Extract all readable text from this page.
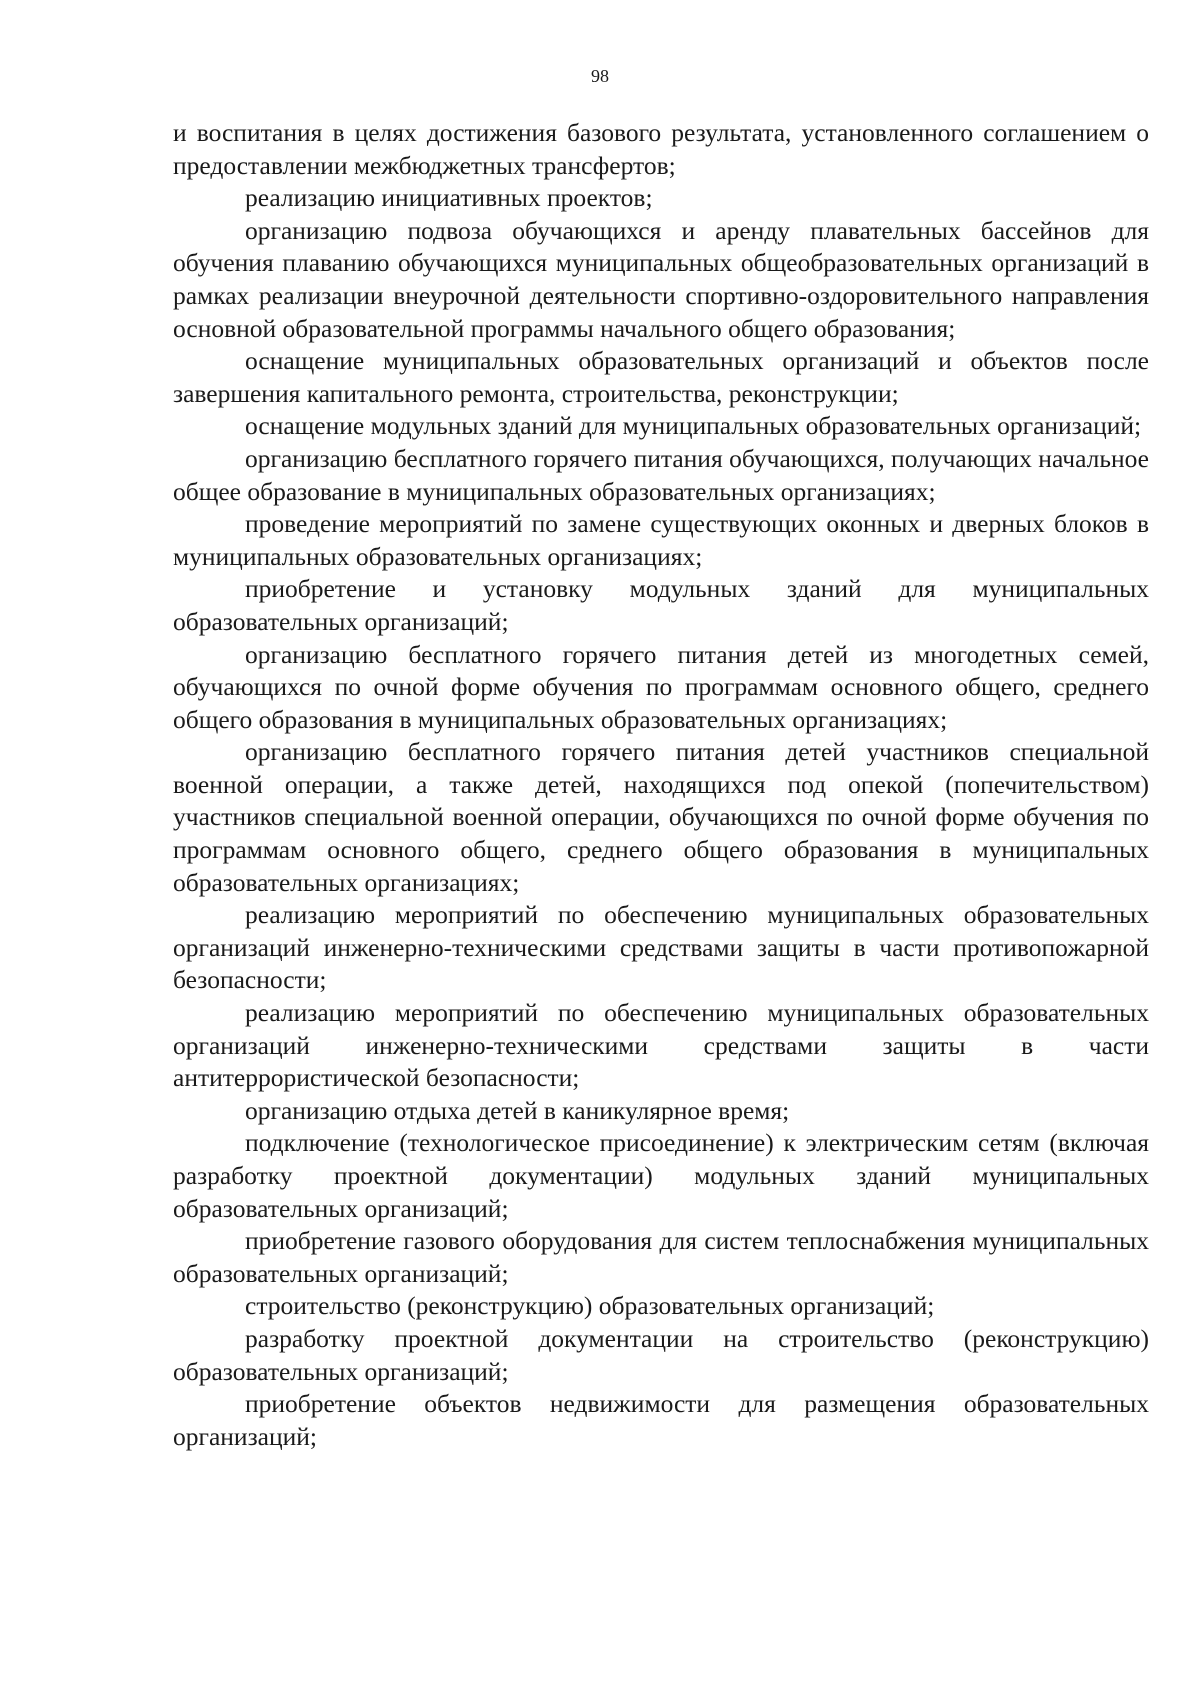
98

и воспитания в целях достижения базового результата, установленного соглашением о предоставлении межбюджетных трансфертов;

реализацию инициативных проектов;

организацию подвоза обучающихся и аренду плавательных бассейнов для обучения плаванию обучающихся муниципальных общеобразовательных организаций в рамках реализации внеурочной деятельности спортивно-оздоровительного направления основной образовательной программы начального общего образования;

оснащение муниципальных образовательных организаций и объектов после завершения капитального ремонта, строительства, реконструкции;

оснащение модульных зданий для муниципальных образовательных организаций;

организацию бесплатного горячего питания обучающихся, получающих начальное общее образование в муниципальных образовательных организациях;

проведение мероприятий по замене существующих оконных и дверных блоков в муниципальных образовательных организациях;

приобретение и установку модульных зданий для муниципальных образовательных организаций;

организацию бесплатного горячего питания детей из многодетных семей, обучающихся по очной форме обучения по программам основного общего, среднего общего образования в муниципальных образовательных организациях;

организацию бесплатного горячего питания детей участников специальной военной операции, а также детей, находящихся под опекой (попечительством) участников специальной военной операции, обучающихся по очной форме обучения по программам основного общего, среднего общего образования в муниципальных образовательных организациях;

реализацию мероприятий по обеспечению муниципальных образовательных организаций инженерно-техническими средствами защиты в части противопожарной безопасности;

реализацию мероприятий по обеспечению муниципальных образовательных организаций инженерно-техническими средствами защиты в части антитеррористической безопасности;

организацию отдыха детей в каникулярное время;

подключение (технологическое присоединение) к электрическим сетям (включая разработку проектной документации) модульных зданий муниципальных образовательных организаций;

приобретение газового оборудования для систем теплоснабжения муниципальных образовательных организаций;

строительство (реконструкцию) образовательных организаций;

разработку проектной документации на строительство (реконструкцию) образовательных организаций;

приобретение объектов недвижимости для размещения образовательных организаций;
